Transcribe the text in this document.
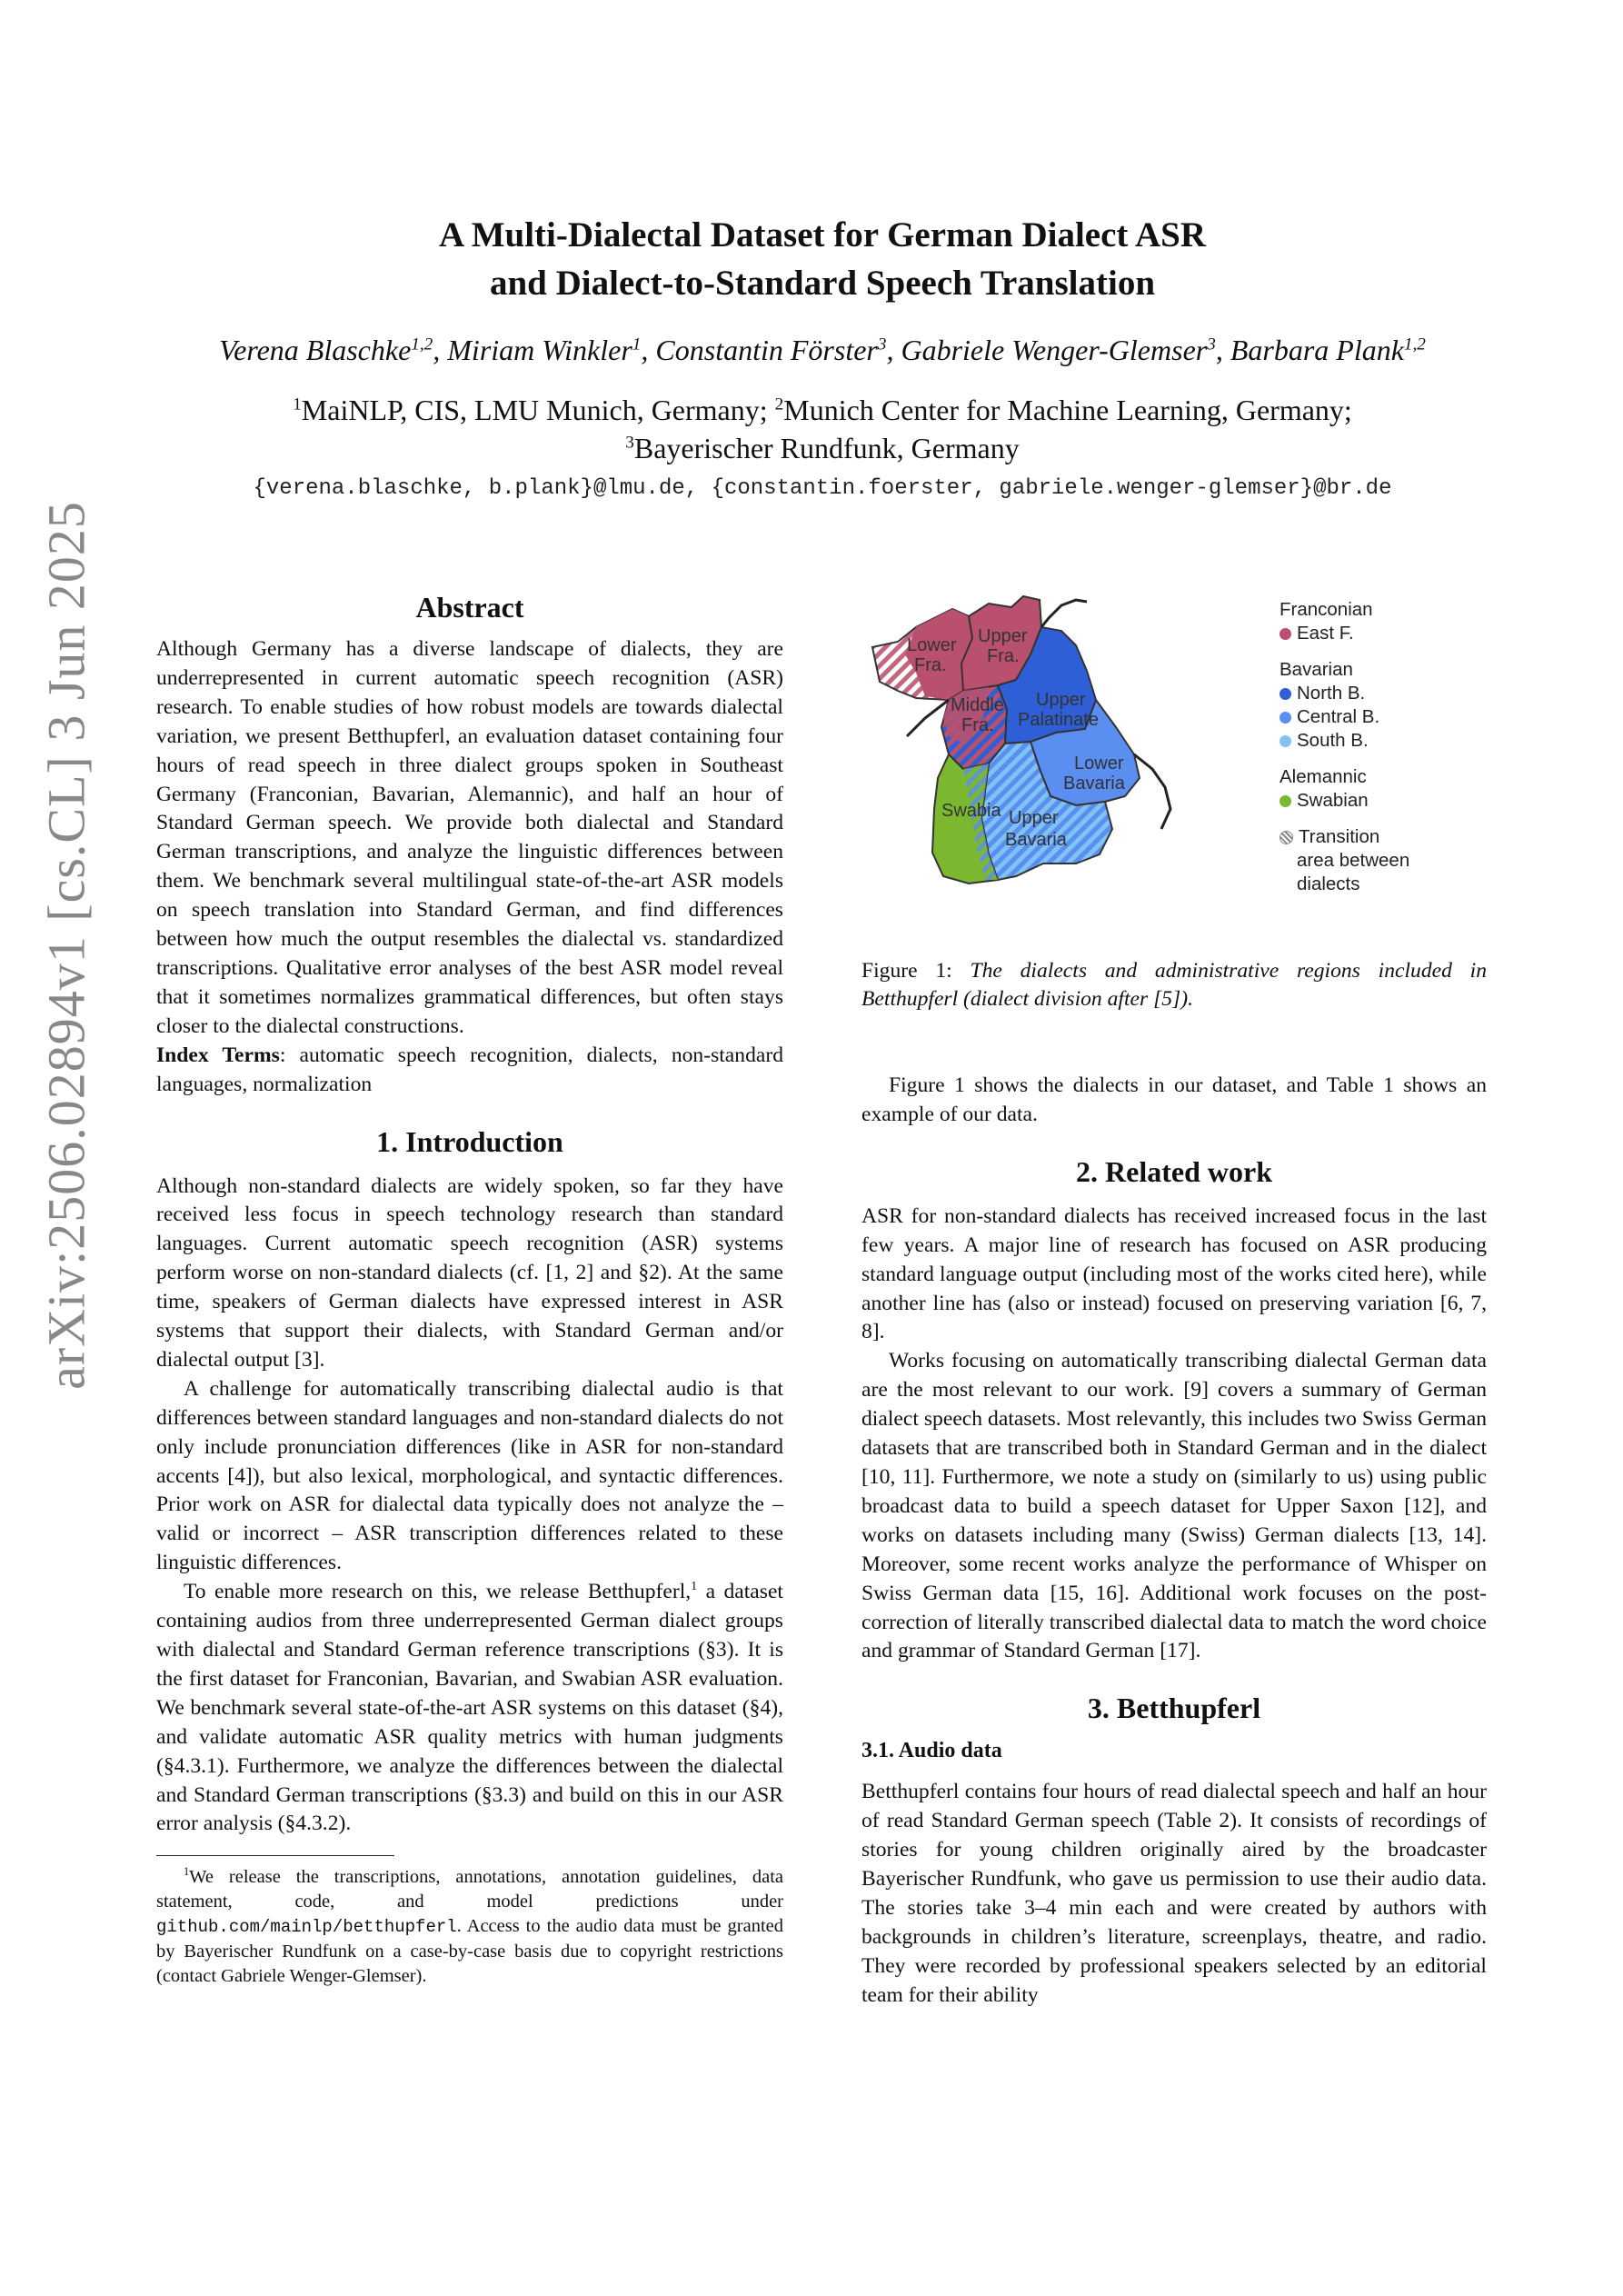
arXiv:2506.02894v1 [cs.CL] 3 Jun 2025
A Multi-Dialectal Dataset for German Dialect ASR
and Dialect-to-Standard Speech Translation
Verena Blaschke$^{1,2}$, Miriam Winkler$^1$, Constantin Förster$^3$, Gabriele Wenger-Glemser$^3$, Barbara Plank$^{1,2}$
$^1$MaiNLP, CIS, LMU Munich, Germany; $^2$Munich Center for Machine Learning, Germany;
$^3$Bayerischer Rundfunk, Germany
{verena.blaschke, b.plank}@lmu.de, {constantin.foerster, gabriele.wenger-glemser}@br.de
Abstract

Although Germany has a diverse landscape of dialects, they are underrepresented in current automatic speech recognition (ASR) research. To enable studies of how robust models are towards dialectal variation, we present Betthupferl, an evaluation dataset containing four hours of read speech in three dialect groups spoken in Southeast Germany (Franconian, Bavarian, Alemannic), and half an hour of Standard German speech. We provide both dialectal and Standard German transcriptions, and analyze the linguistic differences between them. We benchmark several multilingual state-of-the-art ASR models on speech translation into Standard German, and find differences between how much the output resembles the dialectal vs. standardized transcriptions. Qualitative error analyses of the best ASR model reveal that it sometimes normalizes grammatical differences, but often stays closer to the dialectal constructions.

Index Terms: automatic speech recognition, dialects, non-standard languages, normalization

1. Introduction

Although non-standard dialects are widely spoken, so far they have received less focus in speech technology research than standard languages. Current automatic speech recognition (ASR) systems perform worse on non-standard dialects (cf. [1, 2] and §2). At the same time, speakers of German dialects have expressed interest in ASR systems that support their dialects, with Standard German and/or dialectal output [3].

A challenge for automatically transcribing dialectal audio is that differences between standard languages and non-standard dialects do not only include pronunciation differences (like in ASR for non-standard accents [4]), but also lexical, morphological, and syntactic differences. Prior work on ASR for dialectal data typically does not analyze the – valid or incorrect – ASR transcription differences related to these linguistic differences.

To enable more research on this, we release Betthupferl,$^1$ a dataset containing audios from three underrepresented German dialect groups with dialectal and Standard German reference transcriptions (§3). It is the first dataset for Franconian, Bavarian, and Swabian ASR evaluation. We benchmark several state-of-the-art ASR systems on this dataset (§4), and validate automatic ASR quality metrics with human judgments (§4.3.1). Furthermore, we analyze the differences between the dialectal and Standard German transcriptions (§3.3) and build on this in our ASR error analysis (§4.3.2).

$^1$We release the transcriptions, annotations, annotation guidelines, data statement, code, and model predictions under github.com/mainlp/betthupferl. Access to the audio data must be granted by Bayerischer Rundfunk on a case-by-case basis due to copyright restrictions (contact Gabriele Wenger-Glemser).

Lower
Fra.
Upper
Fra.
Middle
Fra.
Upper
Palatinate
Lower
Bavaria
Swabia Upper
Bavaria
Franconian
East F.
Bavarian
North B.
Central B.
South B.
Alemannic
Swabian
Transition
area between
dialects

Figure 1: The dialects and administrative regions included in Betthupferl (dialect division after [5]).

Figure 1 shows the dialects in our dataset, and Table 1 shows an example of our data.

2. Related work

ASR for non-standard dialects has received increased focus in the last few years. A major line of research has focused on ASR producing standard language output (including most of the works cited here), while another line has (also or instead) focused on preserving variation [6, 7, 8].

Works focusing on automatically transcribing dialectal German data are the most relevant to our work. [9] covers a summary of German dialect speech datasets. Most relevantly, this includes two Swiss German datasets that are transcribed both in Standard German and in the dialect [10, 11]. Furthermore, we note a study on (similarly to us) using public broadcast data to build a speech dataset for Upper Saxon [12], and works on datasets including many (Swiss) German dialects [13, 14]. Moreover, some recent works analyze the performance of Whisper on Swiss German data [15, 16]. Additional work focuses on the post-correction of literally transcribed dialectal data to match the word choice and grammar of Standard German [17].

3. Betthupferl
3.1. Audio data

Betthupferl contains four hours of read dialectal speech and half an hour of read Standard German speech (Table 2). It consists of recordings of stories for young children originally aired by the broadcaster Bayerischer Rundfunk, who gave us permission to use their audio data. The stories take 3–4 min each and were created by authors with backgrounds in children’s literature, screenplays, theatre, and radio. They were recorded by professional speakers selected by an editorial team for their ability
